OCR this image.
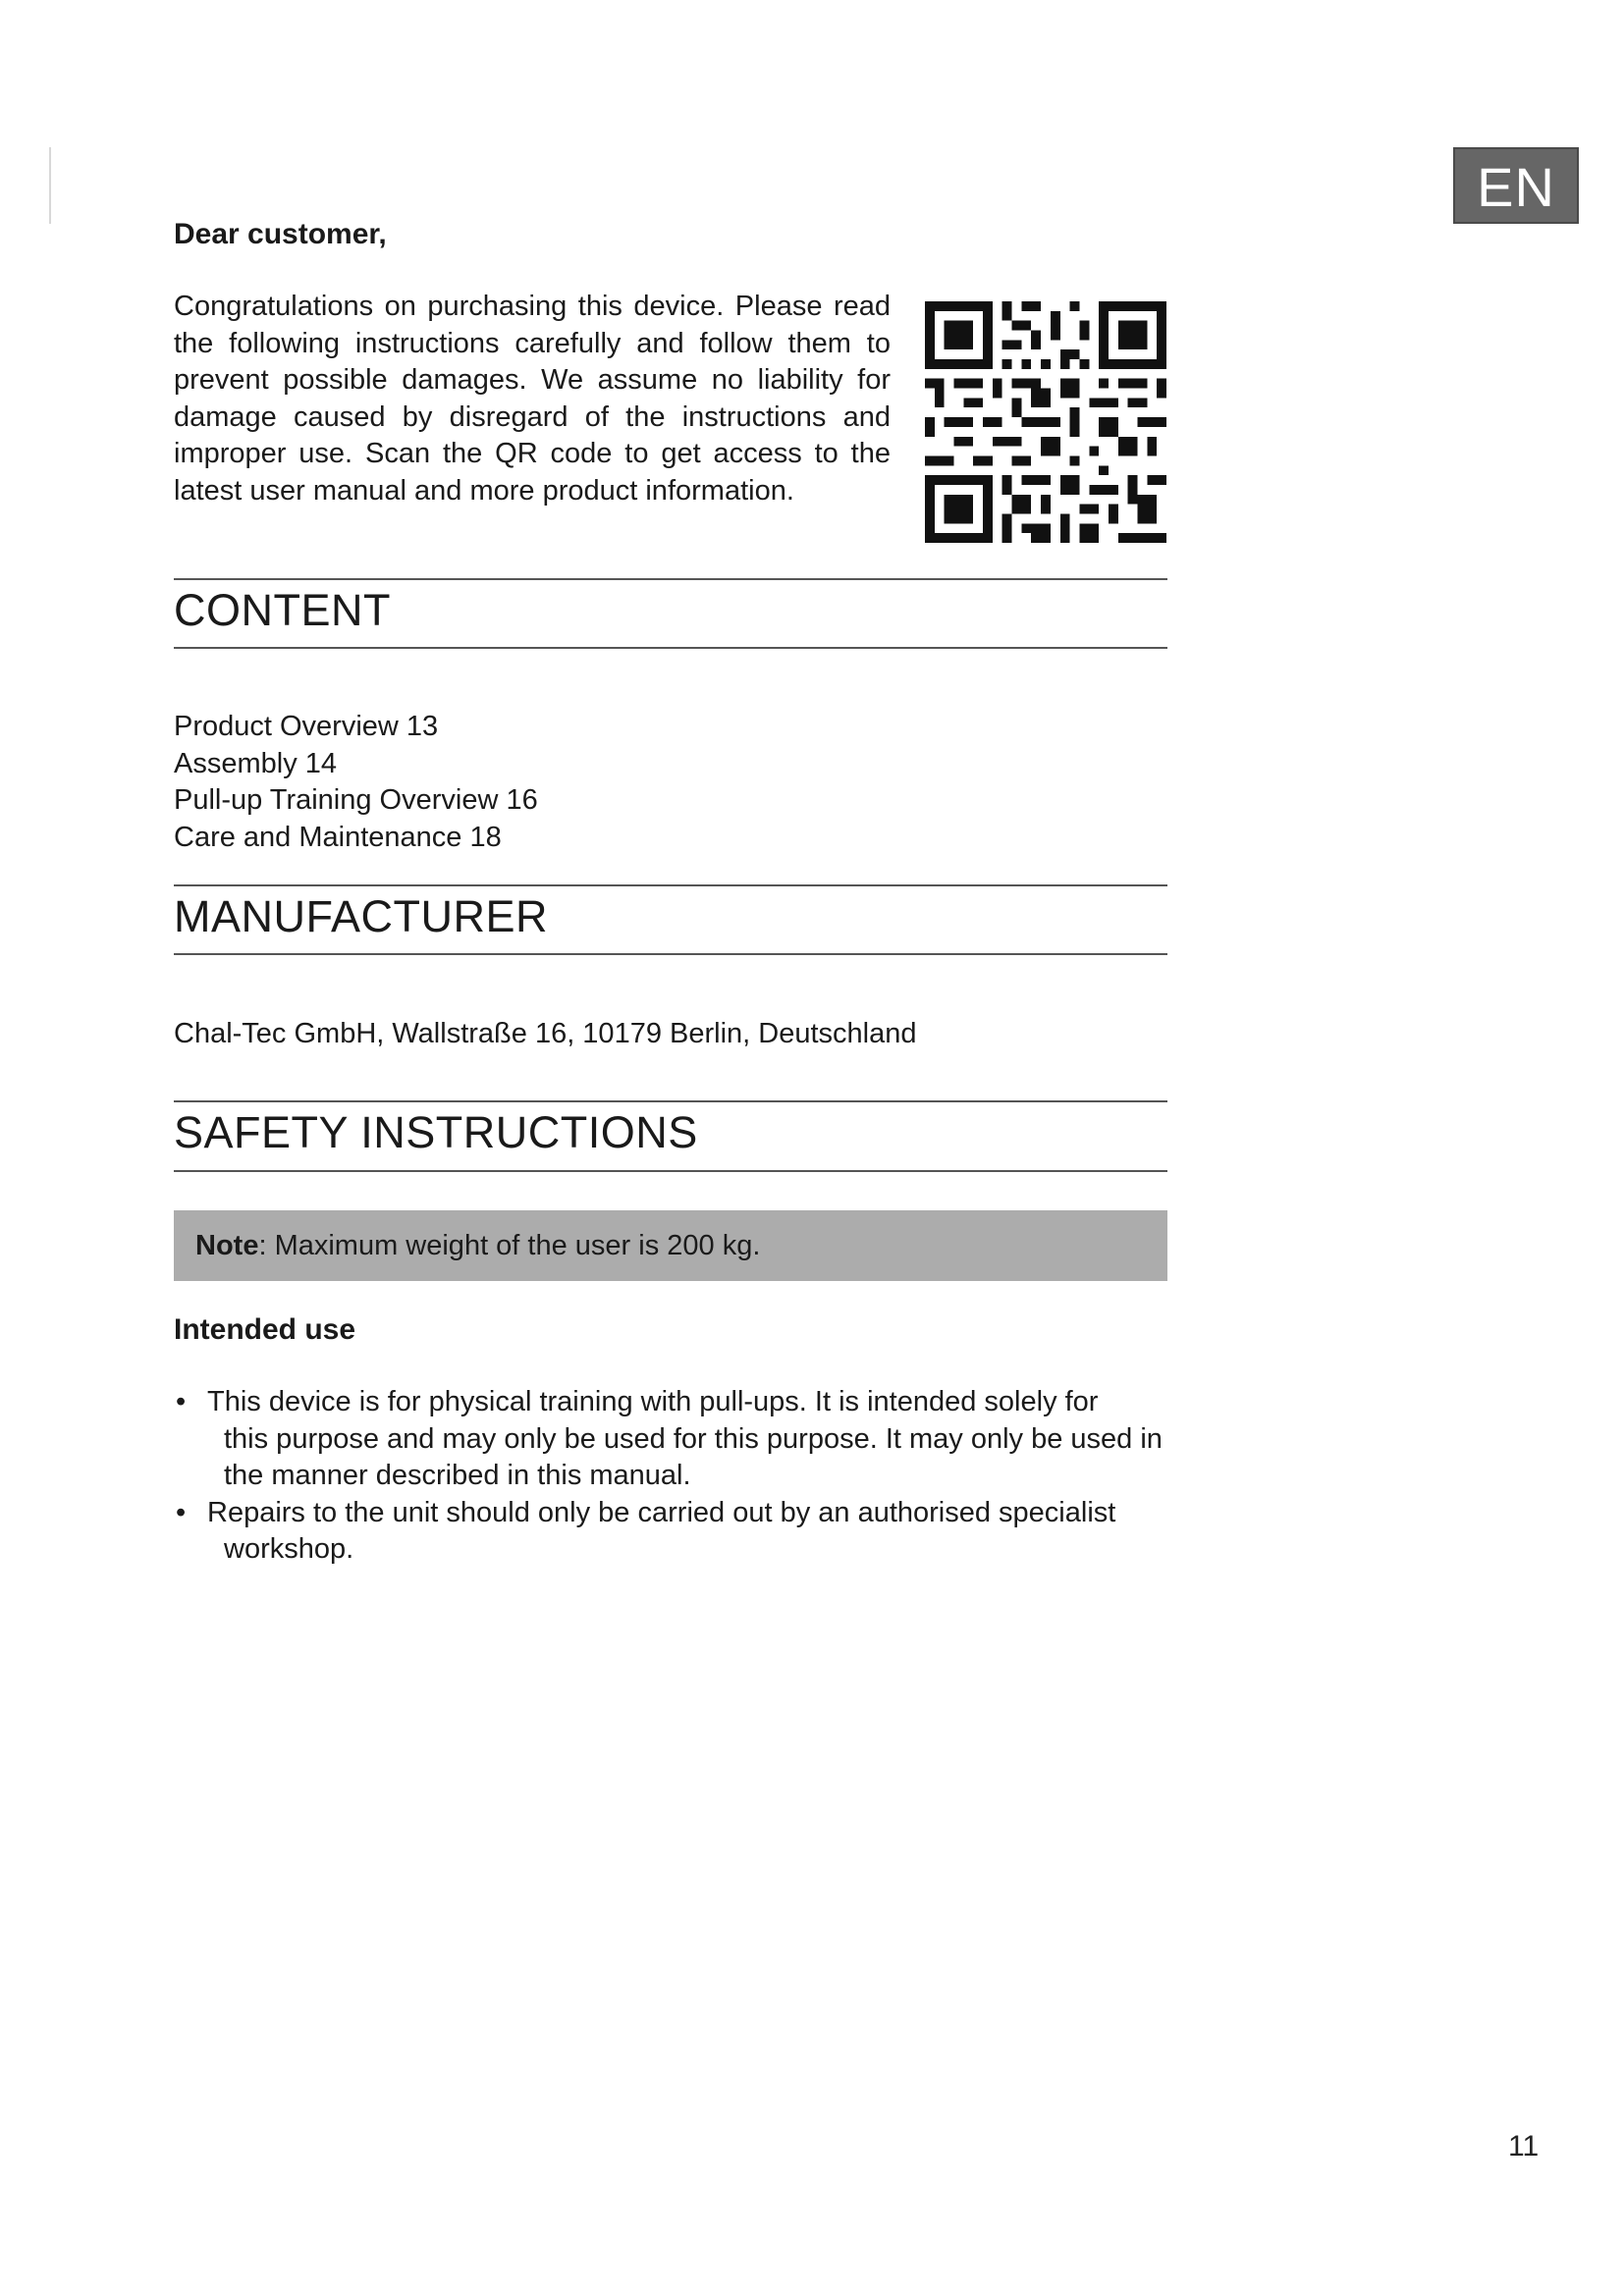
EN

Dear customer,

Congratulations on purchasing this device. Please read
the following instructions carefully and follow them to
prevent possible damages. We assume no liability for
damage caused by disregard of the instructions and
improper use. Scan the QR code to get access to the
latest user manual and more product information.
CONTENT
Product Overview 13
Assembly 14
Pull-up Training Overview 16
Care and Maintenance 18
MANUFACTURER

Chal-Tec GmbH, Wallstraße 16, 10179 Berlin, Deutschland

SAFETY INSTRUCTIONS
Note: Maximum weight of the user is 200 kg.

Intended use

• This device is for physical training with pull-ups. It is intended solely for
this purpose and may only be used for this purpose. It may only be used in
the manner described in this manual.
• Repairs to the unit should only be carried out by an authorised specialist
workshop.

11
